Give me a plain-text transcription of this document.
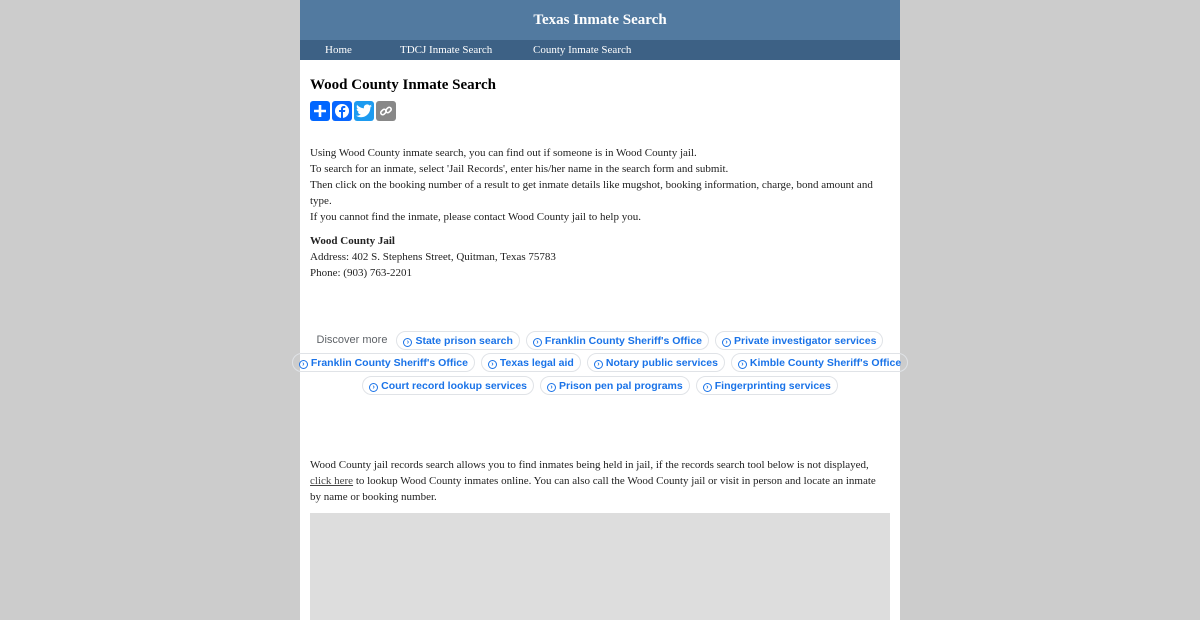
Texas Inmate Search
Home	TDCJ Inmate Search	County Inmate Search
Wood County Inmate Search
Using Wood County inmate search, you can find out if someone is in Wood County jail.
To search for an inmate, select 'Jail Records', enter his/her name in the search form and submit.
Then click on the booking number of a result to get inmate details like mugshot, booking information, charge, bond amount and type.
If you cannot find the inmate, please contact Wood County jail to help you.
Wood County Jail
Address: 402 S. Stephens Street, Quitman, Texas 75783
Phone: (903) 763-2201
Discover more	› State prison search	› Franklin County Sheriff's Office	› Private investigator services
› Franklin County Sheriff's Office	› Texas legal aid	› Notary public services	› Kimble County Sheriff's Office
› Court record lookup services	› Prison pen pal programs	› Fingerprinting services
Wood County jail records search allows you to find inmates being held in jail, if the records search tool below is not displayed, click here to lookup Wood County inmates online. You can also call the Wood County jail or visit in person and locate an inmate by name or booking number.
